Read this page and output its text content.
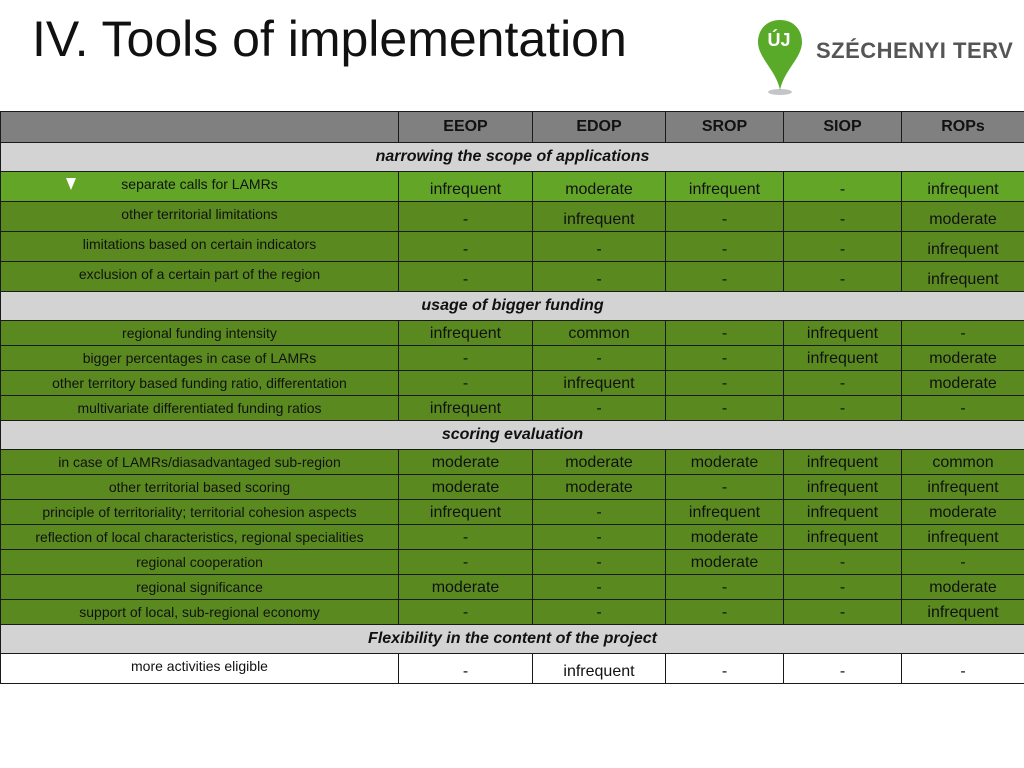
IV. Tools of implementation	ÚJ SZÉCHENYI TERV
	EEOP	EDOP	SROP	SIOP	ROPs
narrowing the scope of applications					
separate calls for LAMRs	infrequent	moderate	infrequent	-	infrequent
other territorial limitations	-	infrequent	-	-	moderate
limitations based on certain indicators	-	-	-	-	infrequent
exclusion of a certain part of the region	-	-	-	-	infrequent
usage of bigger funding					
regional funding intensity	infrequent	common	-	infrequent	-
bigger percentages in case of LAMRs	-	-	-	infrequent	moderate
other territory based funding ratio, differentation	-	infrequent	-	-	moderate
multivariate differentiated funding ratios	infrequent	-	-	-	-
scoring evaluation					
in case of LAMRs/diasadvantaged sub-region	moderate	moderate	moderate	infrequent	common
other territorial based scoring	moderate	moderate	-	infrequent	infrequent
principle of territoriality; territorial cohesion aspects	infrequent	-	infrequent	infrequent	moderate
reflection of local characteristics, regional specialities	-	-	moderate	infrequent	infrequent
regional cooperation	-	-	moderate	-	-
regional significance	moderate	-	-	-	moderate
support of local, sub-regional economy	-	-	-	-	infrequent
Flexibility in the content of the project					
more activities eligible	-	infrequent	-	-	-
